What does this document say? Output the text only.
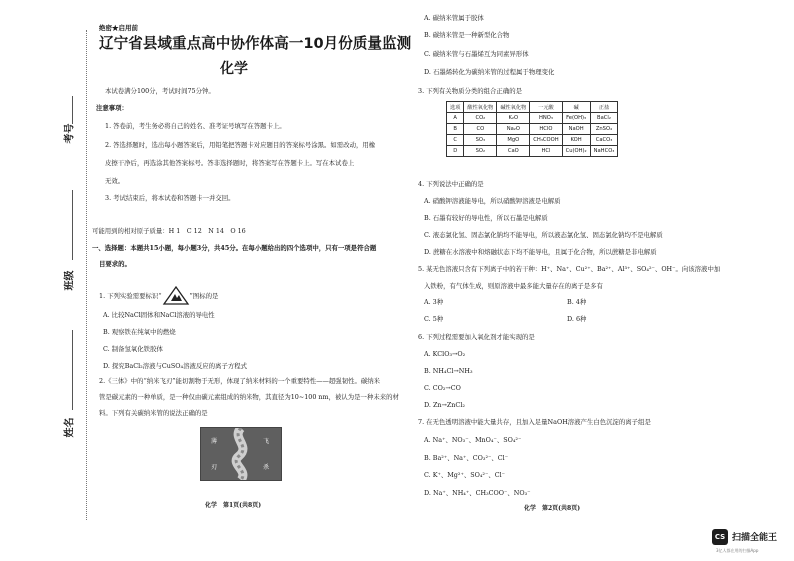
考号
班级
姓名
绝密★启用前
辽宁省县域重点高中协作体高一10月份质量监测
化学
本试卷满分100分，考试时间75分钟。
注意事项：
1. 答卷前，考生务必将自己的姓名、准考证号填写在答题卡上。
2. 答选择题时，选出每小题答案后，用铅笔把答题卡对应题目的答案标号涂黑。如需改动，用橡
皮擦干净后，再选涂其他答案标号。答非选择题时，将答案写在答题卡上。写在本试卷上
无效。
3. 考试结束后，将本试卷和答题卡一并交回。
可能用到的相对原子质量：H 1　C 12　N 14　O 16
一、选择题：本题共15小题，每小题3分，共45分。在每小题给出的四个选项中，只有一项是符合题
目要求的。
1. 下列实验需要标识“	”图标的是
A. 比较NaCl固体和NaCl溶液的导电性
B. 观察铁在纯氧中的燃烧
C. 制备氢氧化铁胶体
D. 探究BaCl₂溶液与CuSO₄溶液反应的离子方程式
2.《三体》中的“纳米飞刃”能切割物于无形，体现了纳米材料的一个重要特性——超强韧性。碳纳米
管是碳元素的一种单质，是一种仅由碳元素组成的纳米物，其直径为10~100 nm，被认为是一种未来的材
料。下列有关碳纳米管的说法正确的是
薄	飞
刃	杀
化学　第1页(共8页)
A. 碳纳米管属于胶体
B. 碳纳米管是一种新型化合物
C. 碳纳米管与石墨烯互为同素异形体
D. 石墨烯转化为碳纳米管的过程属于物理变化
3. 下列有关物质分类的组合正确的是
选项	酸性氧化物	碱性氧化物	一元酸	碱	正盐
A	CO₂	K₂O	HNO₃	Fe(OH)₃	BaCl₂
B	CO	Na₂O	HClO	NaOH	ZnSO₄
C	SO₃	MgO	CH₃COOH	KOH	CaCO₃
D	SO₂	CaO	HCl	Cu(OH)₂	NaHCO₃
4. 下列说法中正确的是
A. 硝酸钾溶液能导电，所以硝酸钾溶液是电解质
B. 石墨有较好的导电性，所以石墨是电解质
C. 液态氯化氢、固态氯化钠均不能导电，所以液态氯化氢、固态氯化钠均不是电解质
D. 蔗糖在水溶液中和熔融状态下均不能导电，且属于化合物，所以蔗糖是非电解质
5. 某无色溶液只含有下列离子中的若干种：H⁺、Na⁺、Cu²⁺、Ba²⁺、Al³⁺、SO₄²⁻、OH⁻。向该溶液中加
入铁粉，有气体生成，则原溶液中最多能大量存在的离子是多有
A. 3种	B. 4种
C. 5种	D. 6种
6. 下列过程需要加入氧化剂才能实现的是
A. KClO₃→O₂
B. NH₄Cl→NH₃
C. CO₂→CO
D. Zn→ZnCl₂
7. 在无色透明溶液中能大量共存，且加入足量NaOH溶液产生白色沉淀的离子组是
A. Na⁺、NO₃⁻、MnO₄⁻、SO₄²⁻
B. Ba²⁺、Na⁺、CO₃²⁻、Cl⁻
C. K⁺、Mg²⁺、SO₄²⁻、Cl⁻
D. Na⁺、NH₄⁺、CH₃COO⁻、NO₃⁻
化学　第2页(共8页)
CS 扫描全能王
3亿人都在用的扫描App
